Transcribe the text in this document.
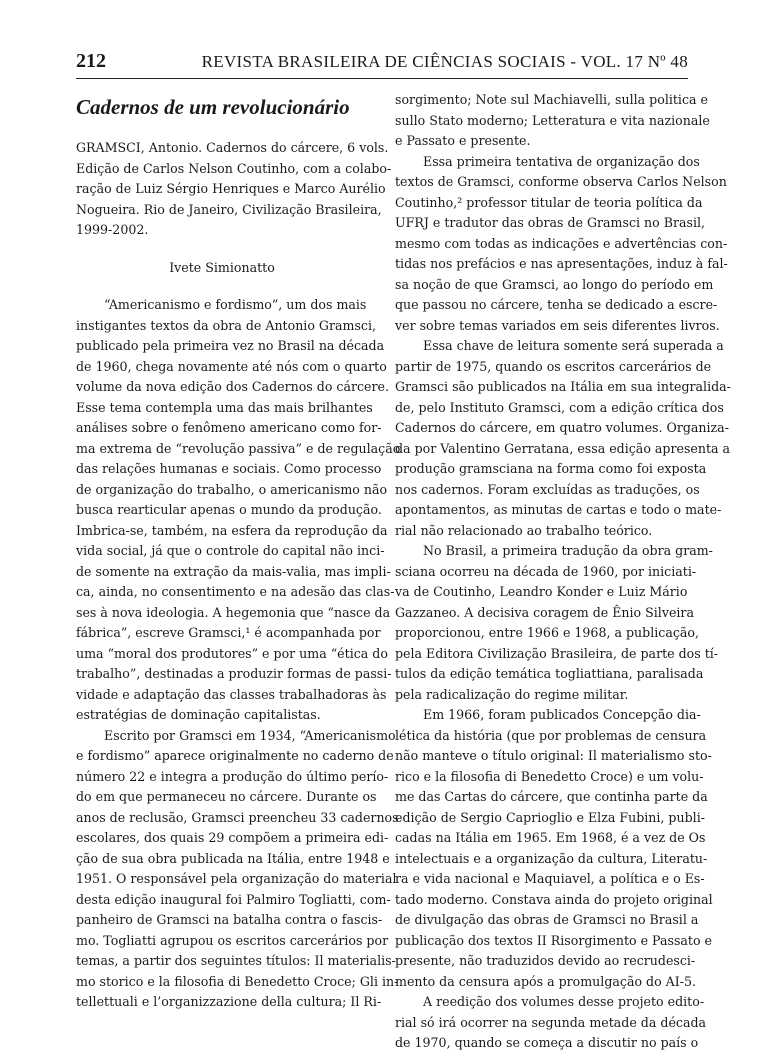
212	REVISTA BRASILEIRA DE CIÊNCIAS SOCIAIS - VOL. 17 Nº 48
Cadernos de um revolucionário
GRAMSCI, Antonio. Cadernos do cárcere, 6 vols.
Edição de Carlos Nelson Coutinho, com a colabo-
ração de Luiz Sérgio Henriques e Marco Aurélio
Nogueira. Rio de Janeiro, Civilização Brasileira,
1999-2002.
Ivete Simionatto
“Americanismo e fordismo”, um dos mais
instigantes textos da obra de Antonio Gramsci,
publicado pela primeira vez no Brasil na década
de 1960, chega novamente até nós com o quarto
volume da nova edição dos Cadernos do cárcere.
Esse tema contempla uma das mais brilhantes
análises sobre o fenômeno americano como for-
ma extrema de “revolução passiva” e de regulação
das relações humanas e sociais. Como processo
de organização do trabalho, o americanismo não
busca rearticular apenas o mundo da produção.
Imbrica-se, também, na esfera da reprodução da
vida social, já que o controle do capital não inci-
de somente na extração da mais-valia, mas impli-
ca, ainda, no consentimento e na adesão das clas-
ses à nova ideologia. A hegemonia que “nasce da
fábrica”, escreve Gramsci,¹ é acompanhada por
uma “moral dos produtores” e por uma “ética do
trabalho”, destinadas a produzir formas de passi-
vidade e adaptação das classes trabalhadoras às
estratégias de dominação capitalistas.
Escrito por Gramsci em 1934, “Americanismo
e fordismo” aparece originalmente no caderno de
número 22 e integra a produção do último perío-
do em que permaneceu no cárcere. Durante os
anos de reclusão, Gramsci preencheu 33 cadernos
escolares, dos quais 29 compõem a primeira edi-
ção de sua obra publicada na Itália, entre 1948 e
1951. O responsável pela organização do material
desta edição inaugural foi Palmiro Togliatti, com-
panheiro de Gramsci na batalha contra o fascis-
mo. Togliatti agrupou os escritos carcerários por
temas, a partir dos seguintes títulos: Il materialis-
mo storico e la filosofia di Benedetto Croce; Gli in-
tellettuali e l’organizzazione della cultura; Il Ri-
sorgimento; Note sul Machiavelli, sulla politica e
sullo Stato moderno; Letteratura e vita nazionale
e Passato e presente.
Essa primeira tentativa de organização dos
textos de Gramsci, conforme observa Carlos Nelson
Coutinho,² professor titular de teoria política da
UFRJ e tradutor das obras de Gramsci no Brasil,
mesmo com todas as indicações e advertências con-
tidas nos prefácios e nas apresentações, induz à fal-
sa noção de que Gramsci, ao longo do período em
que passou no cárcere, tenha se dedicado a escre-
ver sobre temas variados em seis diferentes livros.
Essa chave de leitura somente será superada a
partir de 1975, quando os escritos carcerários de
Gramsci são publicados na Itália em sua integralida-
de, pelo Instituto Gramsci, com a edição crítica dos
Cadernos do cárcere, em quatro volumes. Organiza-
da por Valentino Gerratana, essa edição apresenta a
produção gramsciana na forma como foi exposta
nos cadernos. Foram excluídas as traduções, os
apontamentos, as minutas de cartas e todo o mate-
rial não relacionado ao trabalho teórico.
No Brasil, a primeira tradução da obra gram-
sciana ocorreu na década de 1960, por iniciati-
va de Coutinho, Leandro Konder e Luiz Mário
Gazzaneo. A decisiva coragem de Ênio Silveira
proporcionou, entre 1966 e 1968, a publicação,
pela Editora Civilização Brasileira, de parte dos tí-
tulos da edição temática togliattiana, paralisada
pela radicalização do regime militar.
Em 1966, foram publicados Concepção dia-
lética da história (que por problemas de censura
não manteve o título original: Il materialismo sto-
rico e la filosofia di Benedetto Croce) e um volu-
me das Cartas do cárcere, que continha parte da
edição de Sergio Caprioglio e Elza Fubini, publi-
cadas na Itália em 1965. Em 1968, é a vez de Os
intelectuais e a organização da cultura, Literatu-
ra e vida nacional e Maquiavel, a política e o Es-
tado moderno. Constava ainda do projeto original
de divulgação das obras de Gramsci no Brasil a
publicação dos textos II Risorgimento e Passato e
presente, não traduzidos devido ao recrudesci-
mento da censura após a promulgação do AI-5.
A reedição dos volumes desse projeto edito-
rial só irá ocorrer na segunda metade da década
de 1970, quando se começa a discutir no país o
